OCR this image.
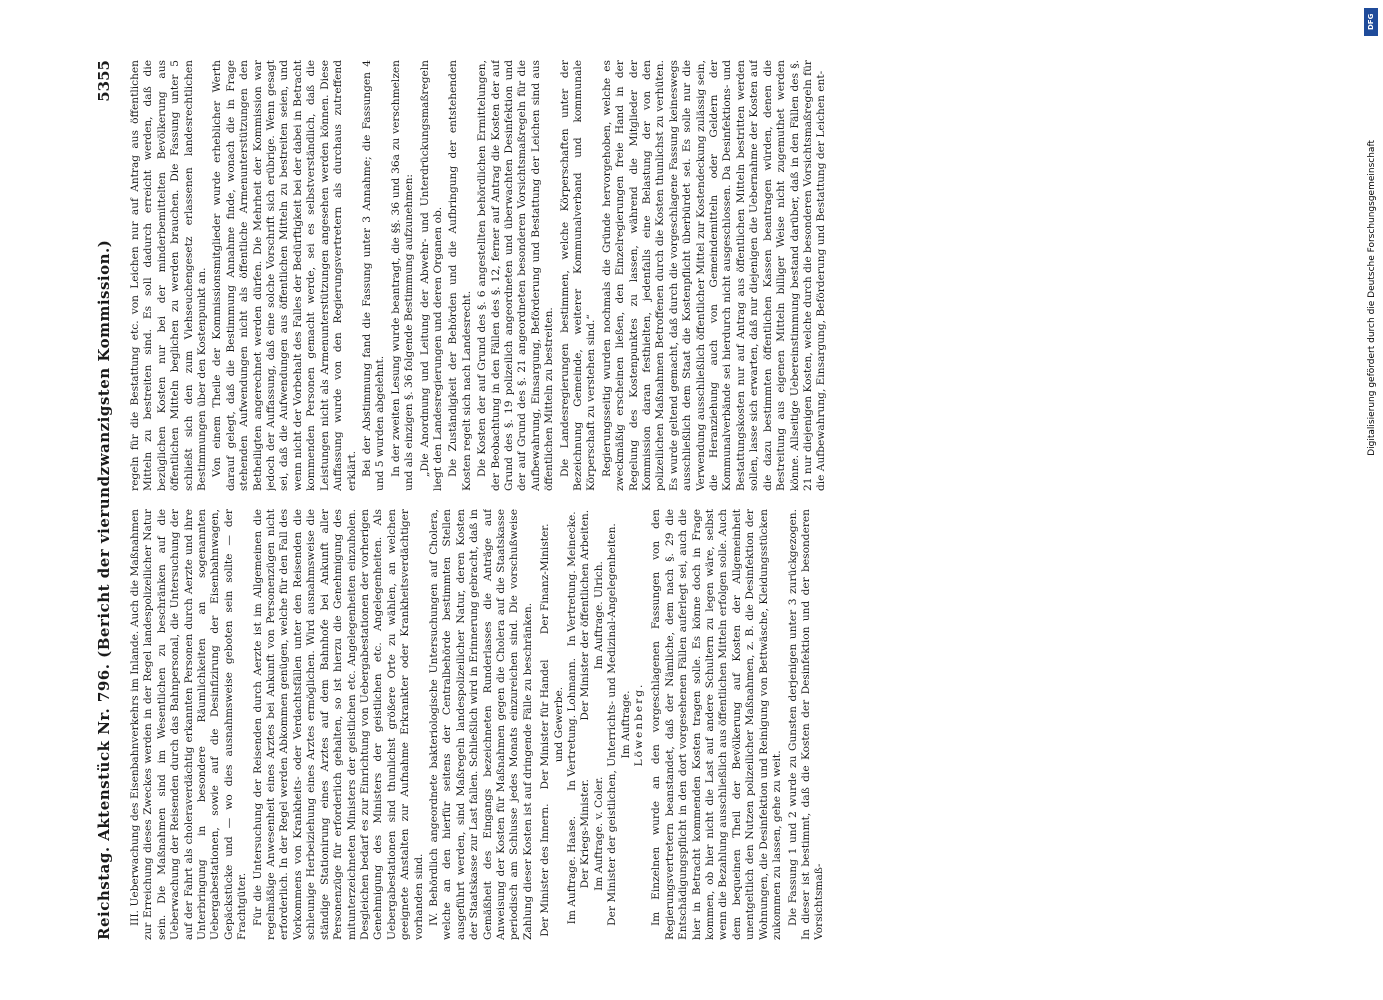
Reichstag. Aktenstück Nr. 796. (Bericht der vierundzwanzigsten Kommission.)
5355

III. Ueberwachung des Eisenbahnverkehrs im Inlande. Auch die Maßnahmen zur Erreichung dieses Zweckes werden in der Regel landespolizeilicher Natur sein. Die Maßnahmen sind im Wesentlichen zu beschränken auf die Ueberwachung der Reisenden durch das Bahnpersonal, die Untersuchung der auf der Fahrt als choleraverdächtig erkannten Personen durch Aerzte und ihre Unterbringung in besondere Räumlichkeiten an sogenannten Uebergabestationen, sowie auf die Desinfizirung der Eisenbahnwagen, Gepäckstücke und — wo dies ausnahmsweise geboten sein sollte — der Frachtgüter. Für die Untersuchung der Reisenden durch Aerzte ist im Allgemeinen die regelmäßige Anwesenheit eines Arztes bei Ankunft von Personenzügen nicht erforderlich. In der Regel werden Abkommen genügen, welche für den Fall des Vorkommens von Krankheits- oder Verdachtsfällen unter den Reisenden die schleunige Herbeiziehung eines Arztes ermöglichen. Wird ausnahmsweise die ständige Stationirung eines Arztes auf dem Bahnhofe bei Ankunft aller Personenzüge für erforderlich gehalten, so ist hierzu die Genehmigung des mitunterzeichneten Ministers der geistlichen etc. Angelegenheiten einzuholen. Desgleichen bedarf es zur Einrichtung von Uebergabestationen der vorherigen Genehmigung des Ministers der geistlichen etc. Angelegenheiten. Als Uebergabestationen sind thunlichst größere Orte zu wählen, an welchen geeignete Anstalten zur Aufnahme Erkrankter oder Krankheitsverdächtiger vorhanden sind. IV. Behördlich angeordnete bakteriologische Untersuchungen auf Cholera, welche an den hierfür seitens der Centralbehörde bestimmten Stellen ausgeführt werden, sind Maßregeln landespolizeilicher Natur, deren Kosten der Staatskasse zur Last fallen. Schließlich wird in Erinnerung gebracht, daß in Gemäßheit des Eingangs bezeichneten Runderlasses die Anträge auf Anweisung der Kosten für Maßnahmen gegen die Cholera auf die Staatskasse periodisch am Schlusse jedes Monats einzureichen sind. Die vorschußweise Zahlung dieser Kosten ist auf dringende Fälle zu beschränken. Der Minister des Innern.
Der Minister für Handel und Gewerbe.
Der Finanz-Minister.
Im Auftrage. Haase.
In Vertretung. Lohmann.
In Vertretung. Meinecke.
Der Kriegs-Minister.
Der Minister der öffentlichen Arbeiten.
Im Auftrage. v. Coler.
Im Auftrage. Ulrich. Der Minister der geistlichen, Unterrichts- und Medizinal-Angelegenheiten. Im Auftrage. Löwenberg. Im Einzelnen wurde an den vorgeschlagenen Fassungen von den Regierungsvertretern beanstandet, daß der Nämliche, dem nach §. 29 die Entschädigungspflicht in den dort vorgesehenen Fällen auferlegt sei, auch die hier in Betracht kommenden Kosten tragen solle. Es könne doch in Frage kommen, ob hier nicht die Last auf andere Schultern zu legen wäre, selbst wenn die Bezahlung ausschließlich aus öffentlichen Mitteln erfolgen solle. Auch dem bequeinen Theil der Bevölkerung auf Kosten der Allgemeinheit unentgeltlich den Nutzen polizeilicher Maßnahmen, z. B. die Desinfektion der Wohnungen, die Desinfektion und Reinigung von Bettwäsche, Kleidungsstücken zukommen zu lassen, gehe zu weit. Die Fassung 1 und 2 wurde zu Gunsten derjenigen unter 3 zurückgezogen. In dieser ist bestimmt, daß die Kosten der Desinfektion und der besonderen Vorsichtsmaß-

regeln für die Bestattung etc. von Leichen nur auf Antrag aus öffentlichen Mitteln zu bestreiten sind. Es soll dadurch erreicht werden, daß die bezüglichen Kosten nur bei der minderbemittelten Bevölkerung aus öffentlichen Mitteln beglichen zu werden brauchen. Die Fassung unter 5 schließt sich den zum Viehseuchengesetz erlassenen landesrechtlichen Bestimmungen über den Kostenpunkt an. Von einem Theile der Kommissionsmitglieder wurde erheblicher Werth darauf gelegt, daß die Bestimmung Annahme finde, wonach die in Frage stehenden Aufwendungen nicht als öffentliche Armenunterstützungen den Betheiligten angerechnet werden dürfen. Die Mehrheit der Kommission war jedoch der Auffassung, daß eine solche Vorschrift sich erübrige. Wenn gesagt sei, daß die Aufwendungen aus öffentlichen Mitteln zu bestreiten seien, und wenn nicht der Vorbehalt des Falles der Bedürftigkeit bei der dabei in Betracht kommenden Personen gemacht werde, sei es selbstverständlich, daß die Leistungen nicht als Armenunterstützungen angesehen werden können. Diese Auffassung wurde von den Regierungsvertretern als durchaus zutreffend erklärt. Bei der Abstimmung fand die Fassung unter 3 Annahme; die Fassungen 4 und 5 wurden abgelehnt. In der zweiten Lesung wurde beantragt, die §§. 36 und 36a zu verschmelzen und als einzigen §. 36 folgende Bestimmung aufzunehmen: „Die Anordnung und Leitung der Abwehr- und Unterdrückungsmaßregeln liegt den Landesregierungen und deren Organen ob. Die Zuständigkeit der Behörden und die Aufbringung der entstehenden Kosten regelt sich nach Landesrecht. Die Kosten der auf Grund des §. 6 angestellten behördlichen Ermittelungen, der Beobachtung in den Fällen des §. 12, ferner auf Antrag die Kosten der auf Grund des §. 19 polizeilich angeordneten und überwachten Desinfektion und der auf Grund des §. 21 angeordneten besonderen Vorsichtsmaßregeln für die Aufbewahrung, Einsargung, Beförderung und Bestattung der Leichen sind aus öffentlichen Mitteln zu bestreiten. Die Landesregierungen bestimmen, welche Körperschaften unter der Bezeichnung Gemeinde, weiterer Kommunalverband und kommunale Körperschaft zu verstehen sind.“ Regierungsseitig wurden nochmals die Gründe hervorgehoben, welche es zweckmäßig erscheinen ließen, den Einzelregierungen freie Hand in der Regelung des Kostenpunktes zu lassen, während die Mitglieder der Kommission daran festhielten, jedenfalls eine Belastung der von den polizeilichen Maßnahmen Betroffenen durch die Kosten thunlichst zu verhüten. Es wurde geltend gemacht, daß durch die vorgeschlagene Fassung keineswegs ausschließlich dem Staat die Kostenpflicht überbürdet sei. Es solle nur die Verwendung ausschließlich öffentlicher Mittel zur Kostendeckung zulässig sein, die Heranziehung auch von Gemeindemitteln oder Geldern der Kommunalverbände sei hierdurch nicht ausgeschlossen. Da Desinfektions- und Bestattungskosten nur auf Antrag aus öffentlichen Mitteln bestritten werden sollen, lasse sich erwarten, daß nur diejenigen die Uebernahme der Kosten auf die dazu bestimmten öffentlichen Kassen beantragen würden, denen die Bestreitung aus eigenen Mitteln billiger Weise nicht zugemuthet werden könne. Allseitige Uebereinstimmung bestand darüber, daß in den Fällen des §. 21 nur diejenigen Kosten, welche durch die besonderen Vorsichtsmaßregeln für die Aufbewahrung, Einsargung, Beförderung und Bestattung der Leichen ent-

DFG
Digitalisierung gefördert durch die Deutsche Forschungsgemeinschaft
